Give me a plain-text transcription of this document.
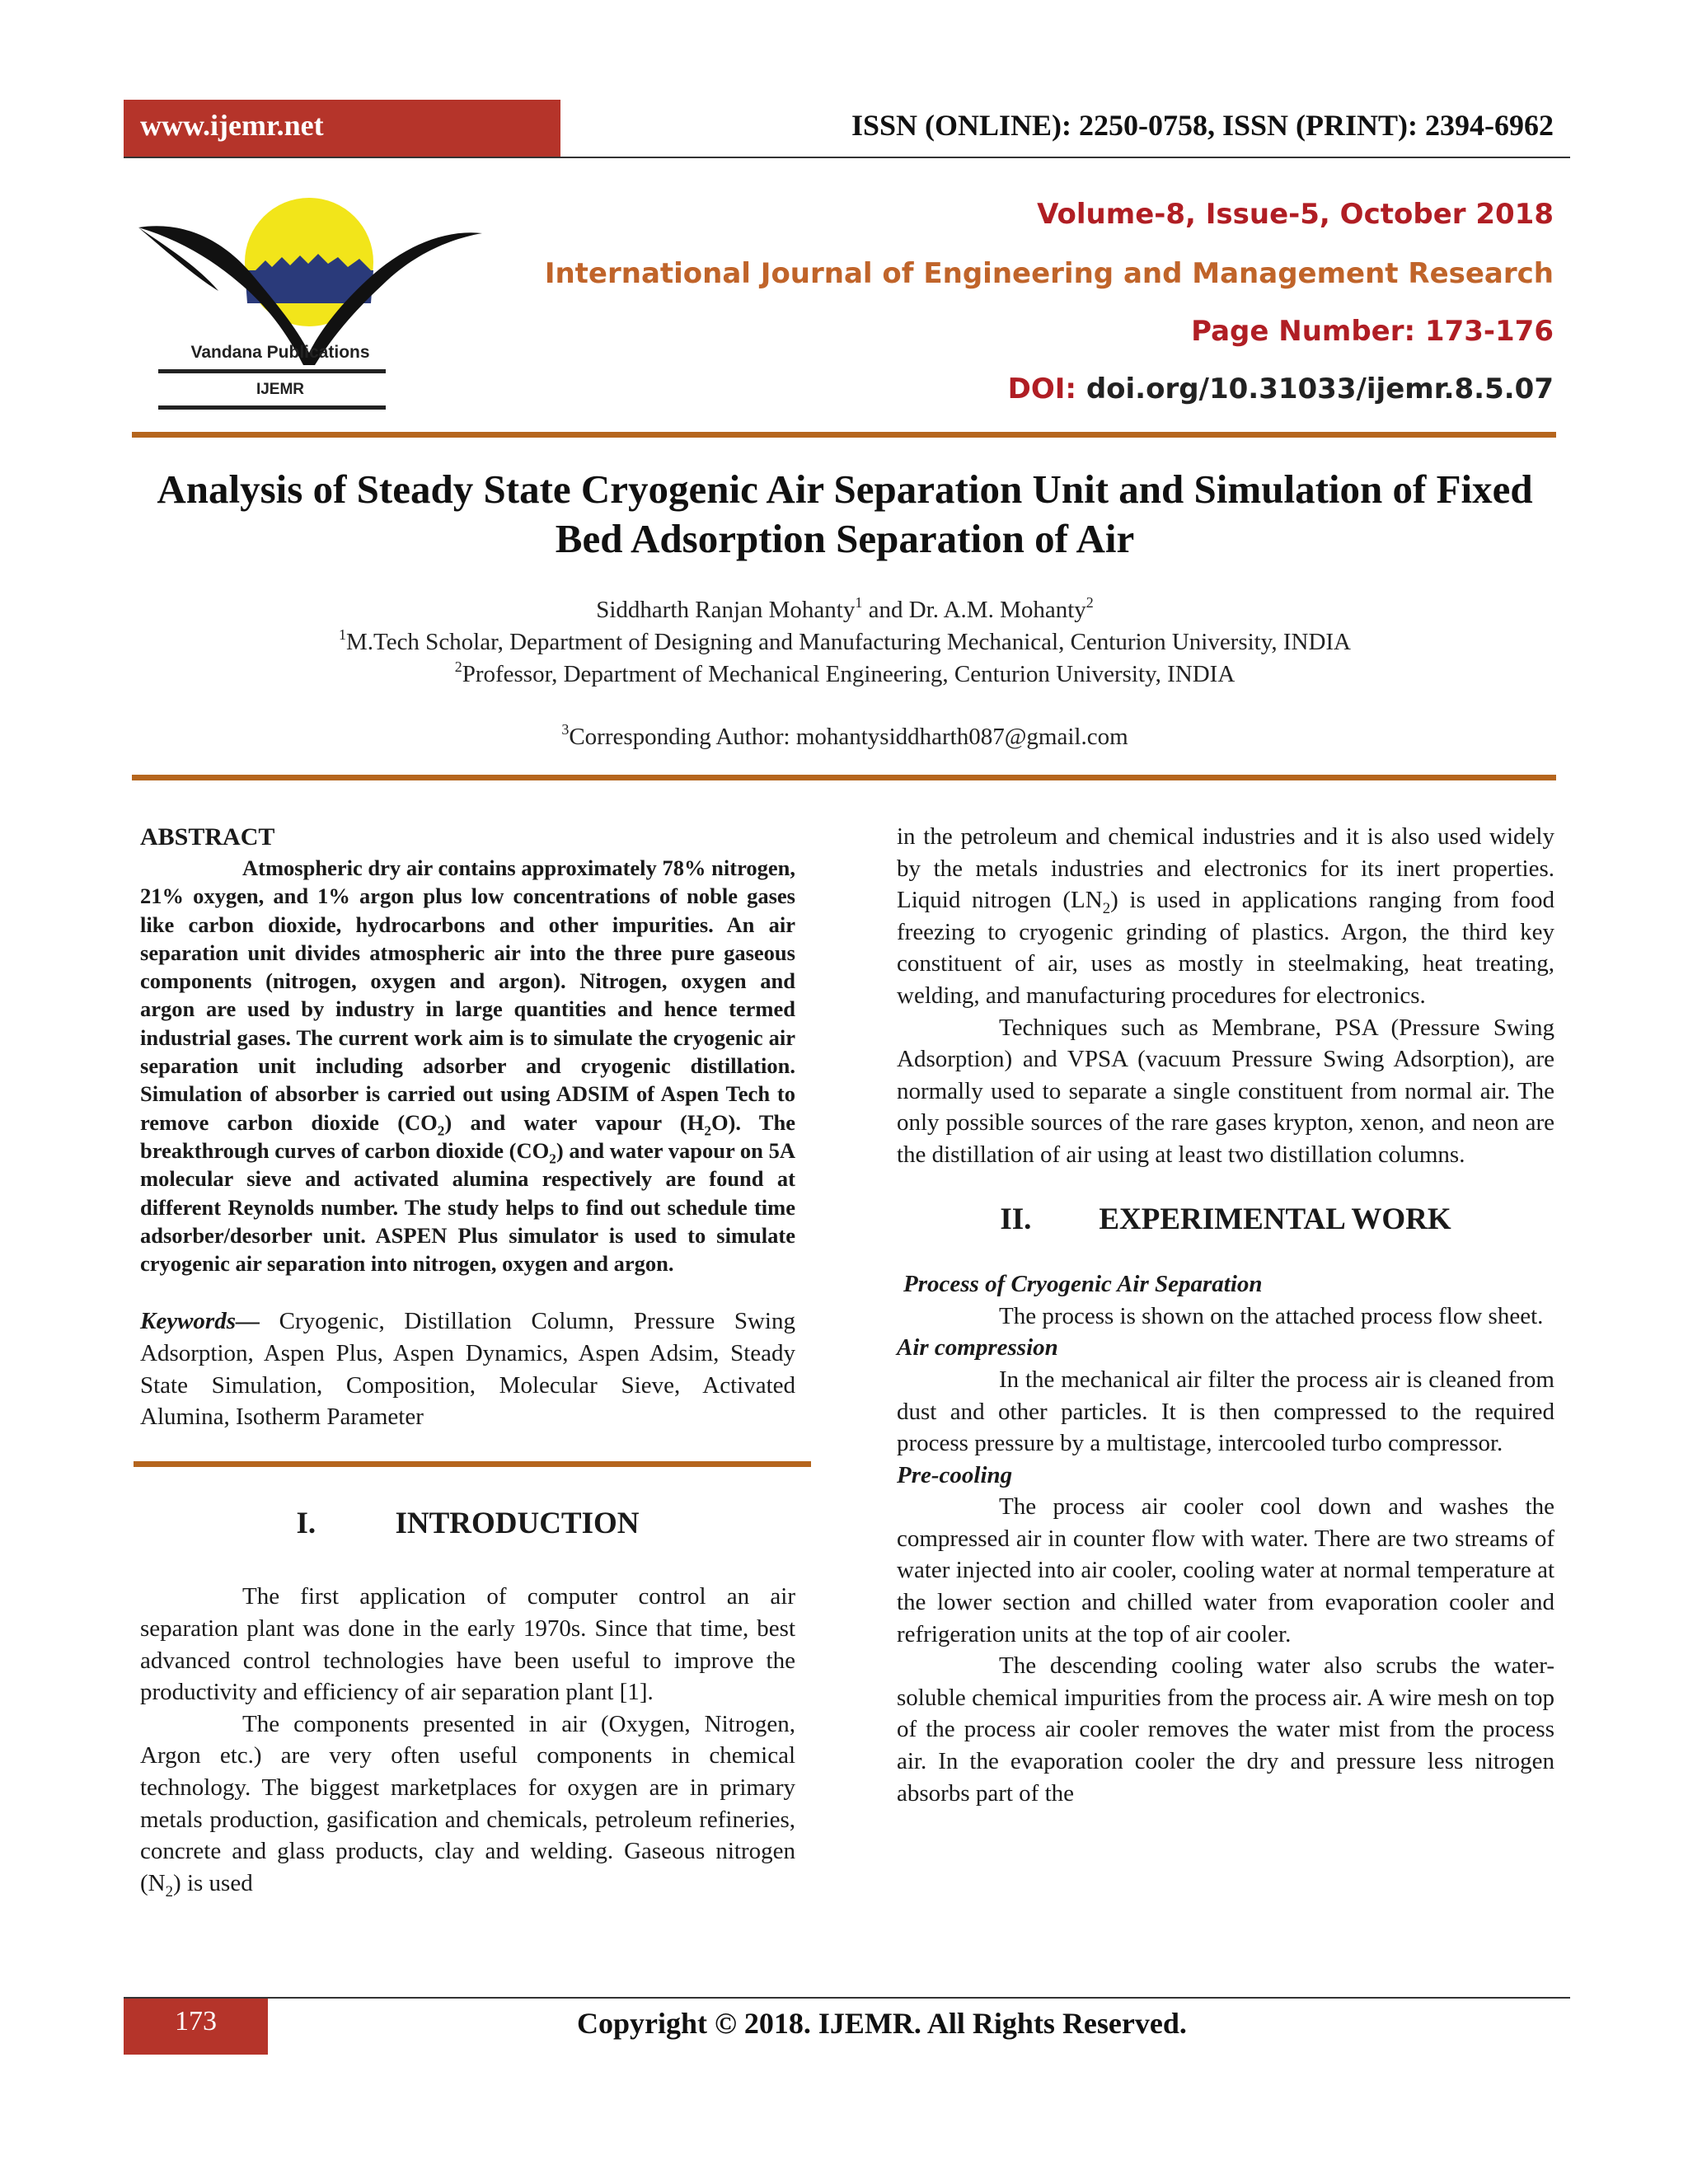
www.ijemr.net	ISSN (ONLINE): 2250-0758, ISSN (PRINT): 2394-6962
Vandana Publications
IJEMR
Volume-8, Issue-5, October 2018
International Journal of Engineering and Management Research
Page Number: 173-176
DOI: doi.org/10.31033/ijemr.8.5.07
Analysis of Steady State Cryogenic Air Separation Unit and Simulation of Fixed Bed Adsorption Separation of Air
Siddharth Ranjan Mohanty$^1$ and Dr. A.M. Mohanty$^2$
$^1$M.Tech Scholar, Department of Designing and Manufacturing Mechanical, Centurion University, INDIA
$^2$Professor, Department of Mechanical Engineering, Centurion University, INDIA
$^3$Corresponding Author: mohantysiddharth087@gmail.com
ABSTRACT

Atmospheric dry air contains approximately 78% nitrogen, 21% oxygen, and 1% argon plus low concentrations of noble gases like carbon dioxide, hydrocarbons and other impurities. An air separation unit divides atmospheric air into the three pure gaseous components (nitrogen, oxygen and argon). Nitrogen, oxygen and argon are used by industry in large quantities and hence termed industrial gases. The current work aim is to simulate the cryogenic air separation unit including adsorber and cryogenic distillation. Simulation of absorber is carried out using ADSIM of Aspen Tech to remove carbon dioxide $(CO_2)$ and water vapour $(H_2O)$. The breakthrough curves of carbon dioxide $(CO_2)$ and water vapour on 5A molecular sieve and activated alumina respectively are found at different Reynolds number. The study helps to find out schedule time adsorber/desorber unit. ASPEN Plus simulator is used to simulate cryogenic air separation into nitrogen, oxygen and argon.

Keywords— Cryogenic, Distillation Column, Pressure Swing Adsorption, Aspen Plus, Aspen Dynamics, Aspen Adsim, Steady State Simulation, Composition, Molecular Sieve, Activated Alumina, Isotherm Parameter

I.	INTRODUCTION

The first application of computer control an air separation plant was done in the early 1970s. Since that time, best advanced control technologies have been useful to improve the productivity and efficiency of air separation plant [1].

The components presented in air (Oxygen, Nitrogen, Argon etc.) are very often useful components in chemical technology. The biggest marketplaces for oxygen are in primary metals production, gasification and chemicals, petroleum refineries, concrete and glass products, clay and welding. Gaseous nitrogen $(N_2)$ is used

in the petroleum and chemical industries and it is also used widely by the metals industries and electronics for its inert properties. Liquid nitrogen $(LN_2)$ is used in applications ranging from food freezing to cryogenic grinding of plastics. Argon, the third key constituent of air, uses as mostly in steelmaking, heat treating, welding, and manufacturing procedures for electronics.

Techniques such as Membrane, PSA (Pressure Swing Adsorption) and VPSA (vacuum Pressure Swing Adsorption), are normally used to separate a single constituent from normal air. The only possible sources of the rare gases krypton, xenon, and neon are the distillation of air using at least two distillation columns.

II. EXPERIMENTAL WORK

Process of Cryogenic Air Separation

The process is shown on the attached process flow sheet.

Air compression

In the mechanical air filter the process air is cleaned from dust and other particles. It is then compressed to the required process pressure by a multistage, intercooled turbo compressor.

Pre-cooling

The process air cooler cool down and washes the compressed air in counter flow with water. There are two streams of water injected into air cooler, cooling water at normal temperature at the lower section and chilled water from evaporation cooler and refrigeration units at the top of air cooler.

The descending cooling water also scrubs the water-soluble chemical impurities from the process air. A wire mesh on top of the process air cooler removes the water mist from the process air. In the evaporation cooler the dry and pressure less nitrogen absorbs part of the

173	Copyright © 2018. IJEMR. All Rights Reserved.
